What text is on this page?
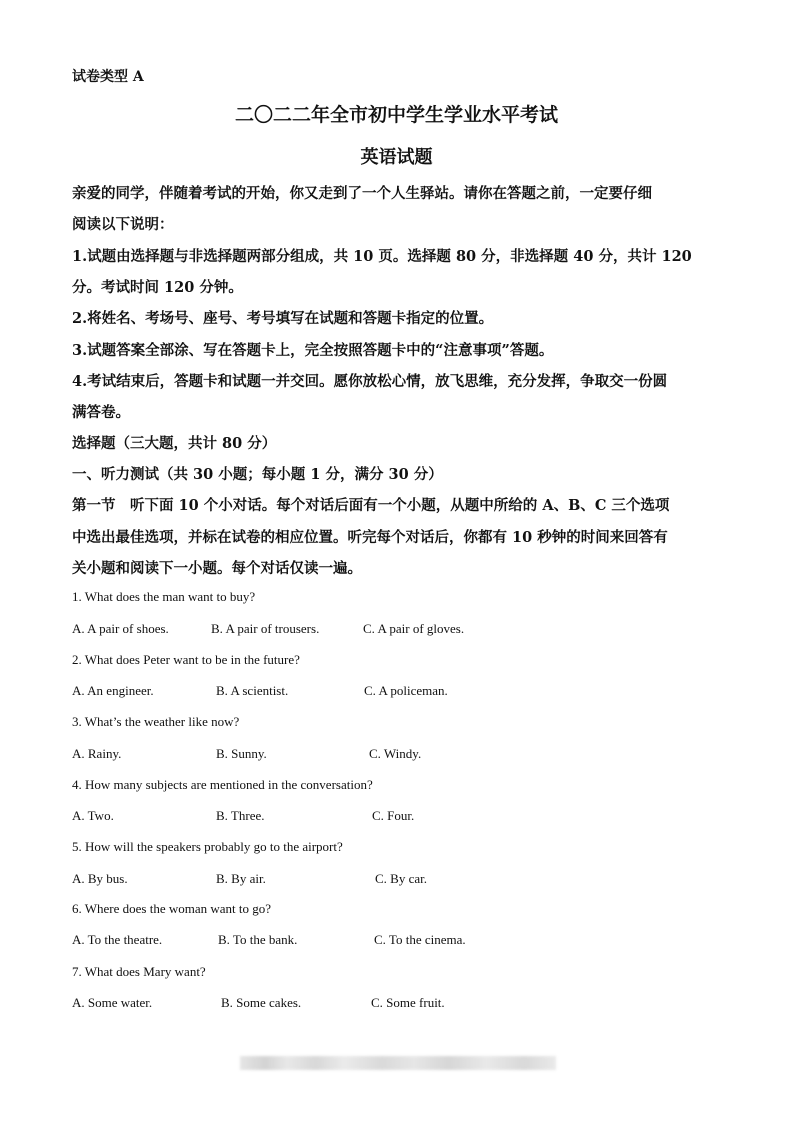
试卷类型 A
二〇二二年全市初中学生学业水平考试
英语试题
亲爱的同学，伴随着考试的开始，你又走到了一个人生驿站。请你在答题之前，一定要仔细
阅读以下说明：
1.试题由选择题与非选择题两部分组成，共 10 页。选择题 80 分，非选择题 40 分，共计 120
分。考试时间 120 分钟。
2.将姓名、考场号、座号、考号填写在试题和答题卡指定的位置。
3.试题答案全部涂、写在答题卡上，完全按照答题卡中的“注意事项”答题。
4.考试结束后，答题卡和试题一并交回。愿你放松心情，放飞思维，充分发挥，争取交一份圆
满答卷。
选择题（三大题，共计 80 分）
一、听力测试（共 30 小题；每小题 1 分，满分 30 分）
第一节　听下面 10 个小对话。每个对话后面有一个小题，从题中所给的 A、B、C 三个选项
中选出最佳选项，并标在试卷的相应位置。听完每个对话后，你都有 10 秒钟的时间来回答有
关小题和阅读下一小题。每个对话仅读一遍。
1. What does the man want to buy?
A. A pair of shoes.	B. A pair of trousers.	C. A pair of gloves.
2. What does Peter want to be in the future?
A. An engineer.	B. A scientist.	C. A policeman.
3. What’s the weather like now?
A. Rainy.	B. Sunny.	C. Windy.
4. How many subjects are mentioned in the conversation?
A. Two.	B. Three.	C. Four.
5. How will the speakers probably go to the airport?
A. By bus.	B. By air.	C. By car.
6. Where does the woman want to go?
A. To the theatre.	B. To the bank.	C. To the cinema.
7. What does Mary want?
A. Some water.	B. Some cakes.	C. Some fruit.
